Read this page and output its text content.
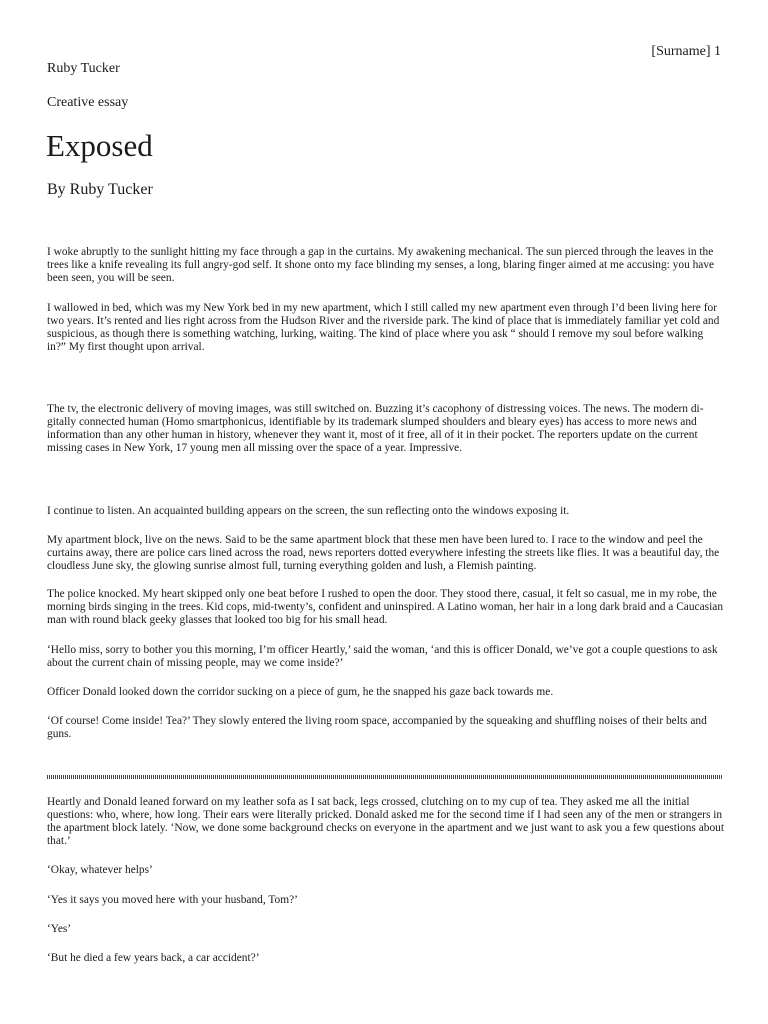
[Surname] 1
Ruby Tucker
Creative essay
Exposed
By Ruby Tucker

I woke abruptly to the sunlight hitting my face through a gap in the curtains. My awakening mechanical. The sun pierced through the leaves in the trees like a knife revealing its full angry-god self. It shone onto my face blinding my senses, a long, blaring finger aimed at me accusing: you have been seen, you will be seen.

I wallowed in bed, which was my New York bed in my new apartment, which I still called my new apartment even through I’d been living here for two years. It’s rented and lies right across from the Hudson River and the riverside park. The kind of place that is immediately familiar yet cold and suspicious, as though there is something watching, lurking, waiting. The kind of place where you ask “ should I remove my soul before walking in?” My first thought upon arrival.

The tv, the electronic delivery of moving images, was still switched on. Buzzing it’s cacophony of distressing voices. The news. The modern di-gitally connected human (Homo smartphonicus, identifiable by its trademark slumped shoulders and bleary eyes) has access to more news and information than any other human in history, whenever they want it, most of it free, all of it in their pocket. The reporters update on the current missing cases in New York, 17 young men all missing over the space of a year. Impressive.

I continue to listen. An acquainted building appears on the screen, the sun reflecting onto the windows exposing it.

My apartment block, live on the news. Said to be the same apartment block that these men have been lured to. I race to the window and peel the curtains away, there are police cars lined across the road, news reporters dotted everywhere infesting the streets like flies. It was a beautiful day, the cloudless June sky, the glowing sunrise almost full, turning everything golden and lush, a Flemish painting.

The police knocked. My heart skipped only one beat before I rushed to open the door. They stood there, casual, it felt so casual, me in my robe, the morning birds singing in the trees. Kid cops, mid-twenty’s, confident and uninspired. A Latino woman, her hair in a long dark braid and a Caucasian man with round black geeky glasses that looked too big for his small head.

‘Hello miss, sorry to bother you this morning, I’m officer Heartly,’ said the woman, ‘and this is officer Donald, we’ve got a couple questions to ask about the current chain of missing people, may we come inside?’

Officer Donald looked down the corridor sucking on a piece of gum, he the snapped his gaze back towards me.

‘Of course! Come inside! Tea?’ They slowly entered the living room space, accompanied by the squeaking and shuffling noises of their belts and guns.

Heartly and Donald leaned forward on my leather sofa as I sat back, legs crossed, clutching on to my cup of tea. They asked me all the initial questions: who, where, how long. Their ears were literally pricked. Donald asked me for the second time if I had seen any of the men or strangers in the apartment block lately. ‘Now, we done some background checks on everyone in the apartment and we just want to ask you a few questions about that.’

‘Okay, whatever helps’

‘Yes it says you moved here with your husband, Tom?’

‘Yes’

‘But he died a few years back, a car accident?’
